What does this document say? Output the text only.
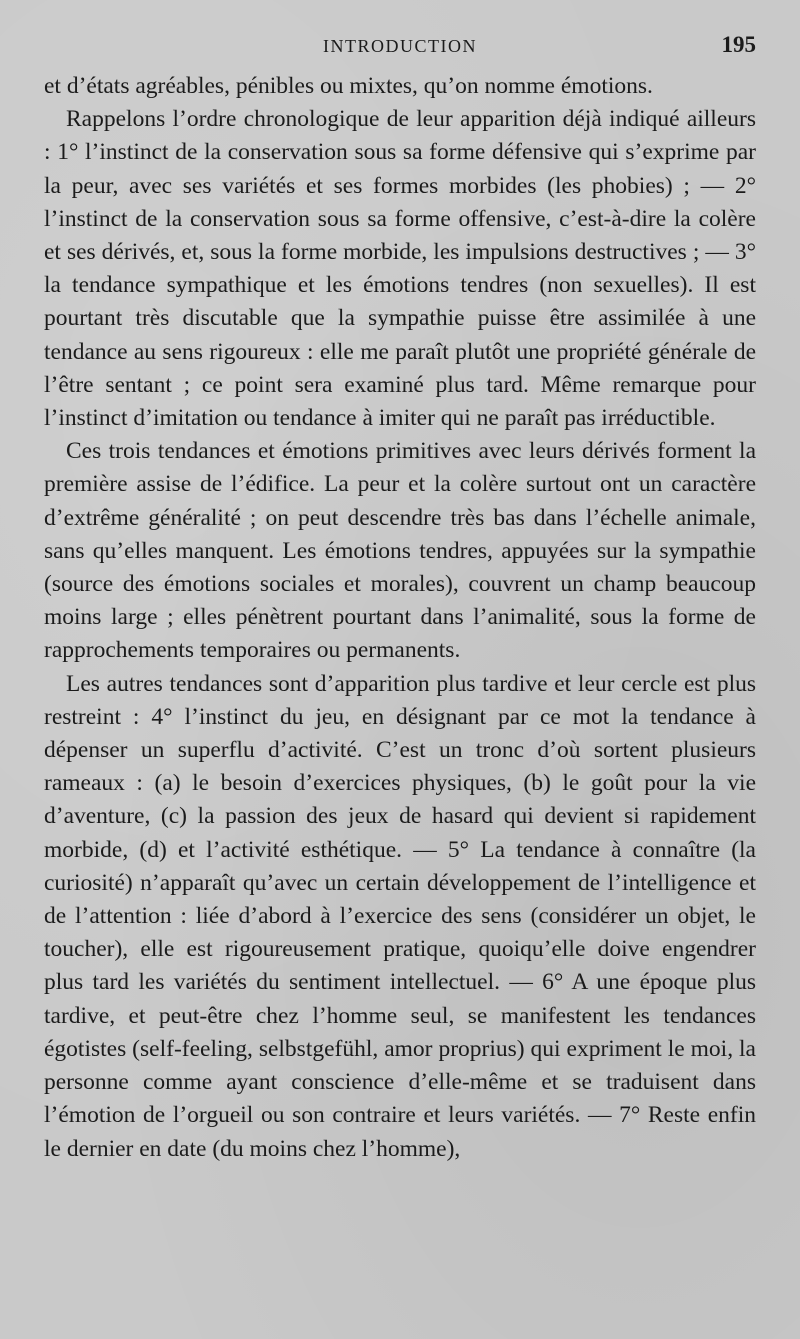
INTRODUCTION	195

et d’états agréables, pénibles ou mixtes, qu’on nomme émotions.

Rappelons l’ordre chronologique de leur apparition déjà indiqué ailleurs : 1° l’instinct de la conservation sous sa forme défensive qui s’exprime par la peur, avec ses variétés et ses formes morbides (les phobies) ; — 2° l’instinct de la conservation sous sa forme offensive, c’est-à-dire la colère et ses dérivés, et, sous la forme morbide, les impulsions destructives ; — 3° la tendance sympathique et les émotions tendres (non sexuelles). Il est pourtant très discutable que la sympathie puisse être assimilée à une tendance au sens rigoureux : elle me paraît plutôt une propriété générale de l’être sentant ; ce point sera examiné plus tard. Même remarque pour l’instinct d’imitation ou tendance à imiter qui ne paraît pas irréductible.

Ces trois tendances et émotions primitives avec leurs dérivés forment la première assise de l’édifice. La peur et la colère surtout ont un caractère d’extrême généralité ; on peut descendre très bas dans l’échelle animale, sans qu’elles manquent. Les émotions tendres, appuyées sur la sympathie (source des émotions sociales et morales), couvrent un champ beaucoup moins large ; elles pénètrent pourtant dans l’animalité, sous la forme de rapprochements temporaires ou permanents.

Les autres tendances sont d’apparition plus tardive et leur cercle est plus restreint : 4° l’instinct du jeu, en désignant par ce mot la tendance à dépenser un superflu d’activité. C’est un tronc d’où sortent plusieurs rameaux : (a) le besoin d’exercices physiques, (b) le goût pour la vie d’aventure, (c) la passion des jeux de hasard qui devient si rapidement morbide, (d) et l’activité esthétique. — 5° La tendance à connaître (la curiosité) n’apparaît qu’avec un certain développement de l’intelligence et de l’attention : liée d’abord à l’exercice des sens (considérer un objet, le toucher), elle est rigoureusement pratique, quoiqu’elle doive engendrer plus tard les variétés du sentiment intellectuel. — 6° A une époque plus tardive, et peut-être chez l’homme seul, se manifestent les tendances égotistes (self-feeling, selbstgefühl, amor proprius) qui expriment le moi, la personne comme ayant conscience d’elle-même et se traduisent dans l’émotion de l’orgueil ou son contraire et leurs variétés. — 7° Reste enfin le dernier en date (du moins chez l’homme),
